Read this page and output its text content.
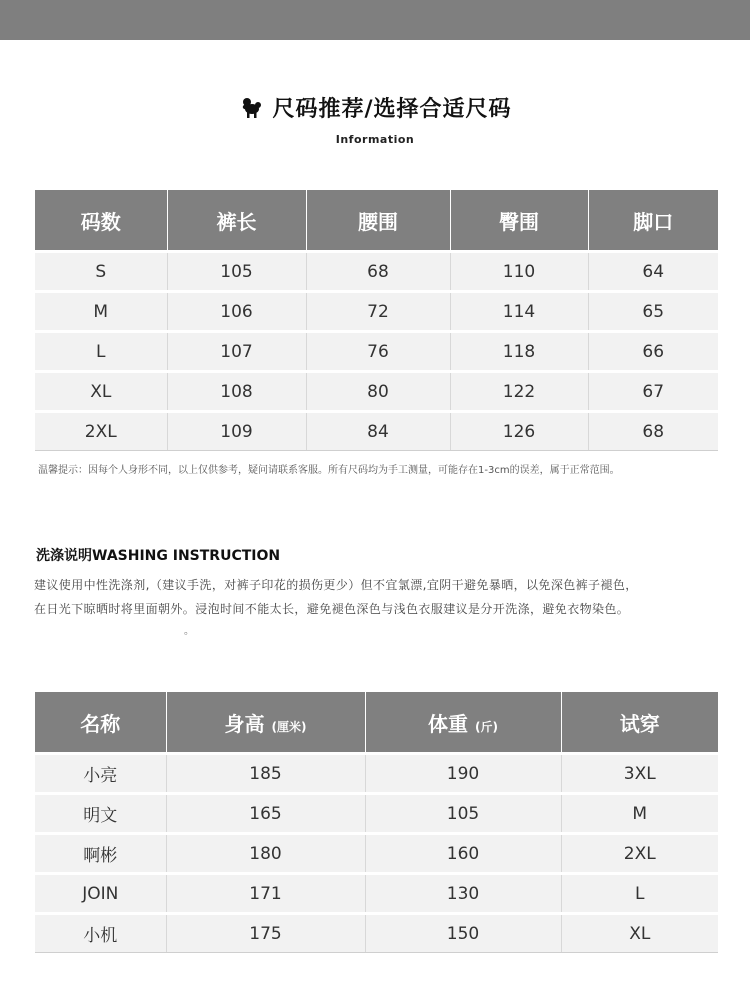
尺码推荐/选择合适尺码
Information
码数	裤长	腰围	臀围	脚口
S	105	68	110	64
M	106	72	114	65
L	107	76	118	66
XL	108	80	122	67
2XL	109	84	126	68
温馨提示：因每个人身形不同，以上仅供参考，疑问请联系客服。所有尺码均为手工测量，可能存在1-3cm的误差，属于正常范围。
洗涤说明WASHING INSTRUCTION
建议使用中性洗涤剂,（建议手洗，对裤子印花的损伤更少）但不宜氯漂,宜阴干避免暴晒，以免深色裤子褪色，
在日光下晾晒时将里面朝外。浸泡时间不能太长，避免褪色深色与浅色衣服建议是分开洗涤，避免衣物染色。
。
名称	身高 (厘米)	体重 (斤)	试穿
小亮	185	190	3XL
明文	165	105	M
啊彬	180	160	2XL
JOIN	171	130	L
小机	175	150	XL
